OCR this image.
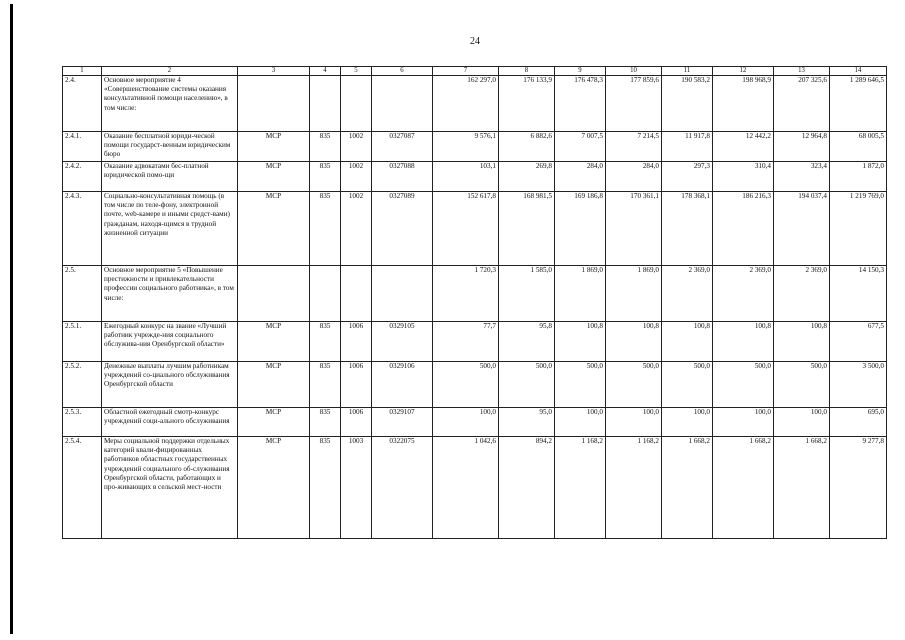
24
1	2	3	4	5	6	7	8	9	10	11	12	13	14
2.4.	Основное мероприятие 4 «Совершенствование системы оказания консультативной помощи населению», в том числе:					162 297,0	176 133,9	176 478,3	177 859,6	190 583,2	198 968,9	207 325,6	1 289 646,5
2.4.1.	Оказание бесплатной юриди-ческой помощи государст-венным юридическим бюро	МСР	835	1002	0327087	9 576,1	6 882,6	7 007,5	7 214,5	11 917,8	12 442,2	12 964,8	68 005,5
2.4.2.	Оказание адвокатами бес-платной юридической помо-щи	МСР	835	1002	0327088	103,1	269,8	284,0	284,0	297,3	310,4	323,4	1 872,0
2.4.3.	Социально-консультативная помощь (в том числе по теле-фону, электронной почте, web-камере и иными средст-вами) гражданам, находя-щимся в трудной жизненной ситуации	МСР	835	1002	0327089	152 617,8	168 981,5	169 186,8	170 361,1	178 368,1	186 216,3	194 037,4	1 219 769,0
2.5.	Основное мероприятие 5 «Повышение престижности и привлекательности профессии социального работника», в том числе:					1 720,3	1 585,0	1 869,0	1 869,0	2 369,0	2 369,0	2 369,0	14 150,3
2.5.1.	Ежегодный конкурс на звание «Лучший работник учрежде-ния социального обслужива-ния Оренбургской области»	МСР	835	1006	0329105	77,7	95,8	100,8	100,8	100,8	100,8	100,8	677,5
2.5.2.	Денежные выплаты лучшим работникам учреждений со-циального обслуживания Оренбургской области	МСР	835	1006	0329106	500,0	500,0	500,0	500,0	500,0	500,0	500,0	3 500,0
2.5.3.	Областной ежегодный смотр-конкурс учреждений соци-ального обслуживания	МСР	835	1006	0329107	100,0	95,0	100,0	100,0	100,0	100,0	100,0	695,0
2.5.4.	Меры социальной поддержки отдельных категорий квали-фицированных работников областных государственных учреждений социального об-служивания Оренбургской области, работающих и про-живающих в сельской мест-ности	МСР	835	1003	0322075	1 042,6	894,2	1 168,2	1 168,2	1 668,2	1 668,2	1 668,2	9 277,8
